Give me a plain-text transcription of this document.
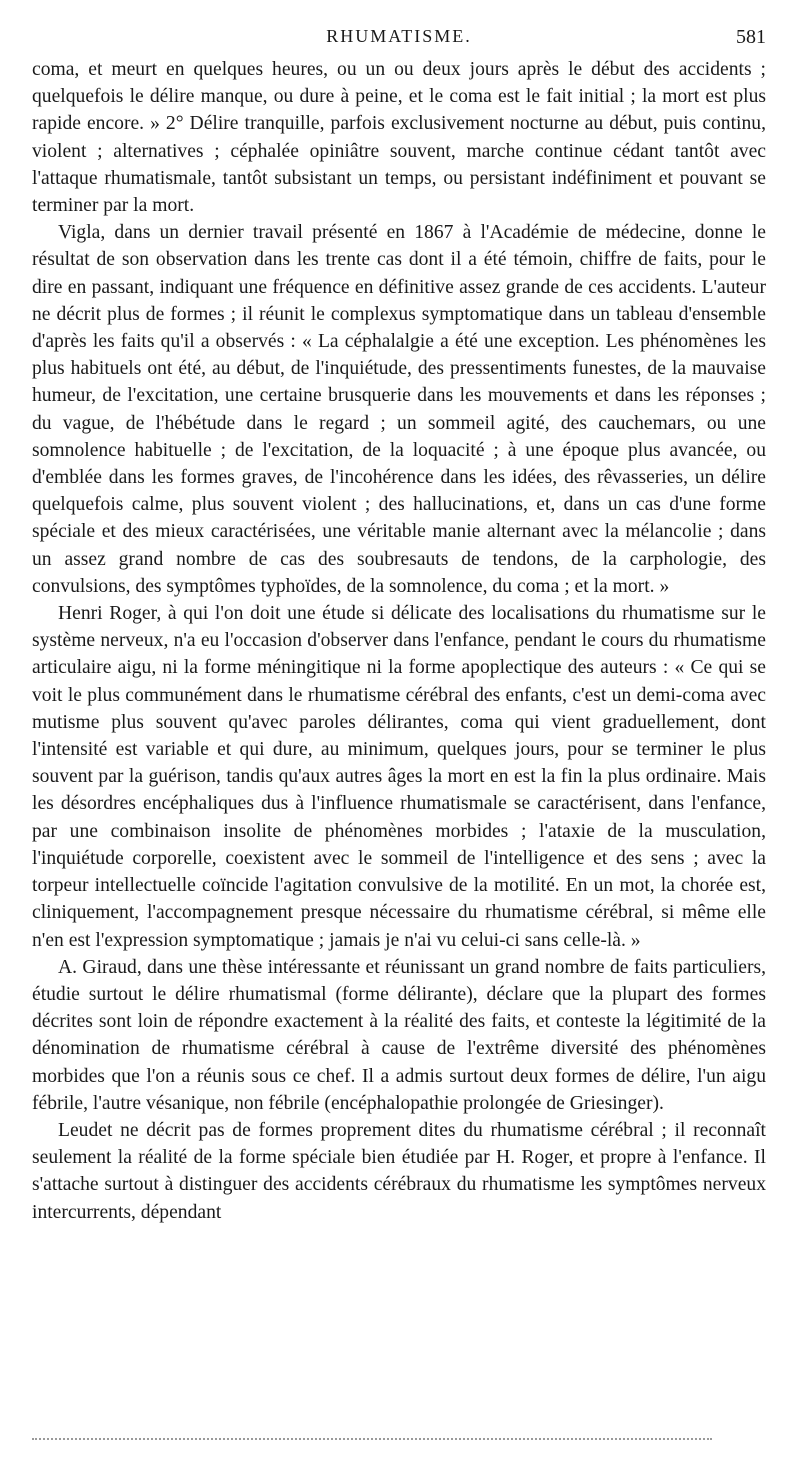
RHUMATISME.	581

coma, et meurt en quelques heures, ou un ou deux jours après le début des accidents ; quelquefois le délire manque, ou dure à peine, et le coma est le fait initial ; la mort est plus rapide encore. » 2° Délire tranquille, parfois exclusivement nocturne au début, puis continu, violent ; alternatives ; céphalée opiniâtre souvent, marche continue cédant tantôt avec l'attaque rhumatismale, tantôt subsistant un temps, ou persistant indéfiniment et pouvant se terminer par la mort.

Vigla, dans un dernier travail présenté en 1867 à l'Académie de médecine, donne le résultat de son observation dans les trente cas dont il a été témoin, chiffre de faits, pour le dire en passant, indiquant une fréquence en définitive assez grande de ces accidents. L'auteur ne décrit plus de formes ; il réunit le complexus symptomatique dans un tableau d'ensemble d'après les faits qu'il a observés : « La céphalalgie a été une exception. Les phénomènes les plus habituels ont été, au début, de l'inquiétude, des pressentiments funestes, de la mauvaise humeur, de l'excitation, une certaine brusquerie dans les mouvements et dans les réponses ; du vague, de l'hébétude dans le regard ; un sommeil agité, des cauchemars, ou une somnolence habituelle ; de l'excitation, de la loquacité ; à une époque plus avancée, ou d'emblée dans les formes graves, de l'incohérence dans les idées, des rêvasseries, un délire quelquefois calme, plus souvent violent ; des hallucinations, et, dans un cas d'une forme spéciale et des mieux caractérisées, une véritable manie alternant avec la mélancolie ; dans un assez grand nombre de cas des soubresauts de tendons, de la carphologie, des convulsions, des symptômes typhoïdes, de la somnolence, du coma ; et la mort. »

Henri Roger, à qui l'on doit une étude si délicate des localisations du rhumatisme sur le système nerveux, n'a eu l'occasion d'observer dans l'enfance, pendant le cours du rhumatisme articulaire aigu, ni la forme méningitique ni la forme apoplectique des auteurs : « Ce qui se voit le plus communément dans le rhumatisme cérébral des enfants, c'est un demi-coma avec mutisme plus souvent qu'avec paroles délirantes, coma qui vient graduellement, dont l'intensité est variable et qui dure, au minimum, quelques jours, pour se terminer le plus souvent par la guérison, tandis qu'aux autres âges la mort en est la fin la plus ordinaire. Mais les désordres encéphaliques dus à l'influence rhumatismale se caractérisent, dans l'enfance, par une combinaison insolite de phénomènes morbides ; l'ataxie de la musculation, l'inquiétude corporelle, coexistent avec le sommeil de l'intelligence et des sens ; avec la torpeur intellectuelle coïncide l'agitation convulsive de la motilité. En un mot, la chorée est, cliniquement, l'accompagnement presque nécessaire du rhumatisme cérébral, si même elle n'en est l'expression symptomatique ; jamais je n'ai vu celui-ci sans celle-là. »

A. Giraud, dans une thèse intéressante et réunissant un grand nombre de faits particuliers, étudie surtout le délire rhumatismal (forme délirante), déclare que la plupart des formes décrites sont loin de répondre exactement à la réalité des faits, et conteste la légitimité de la dénomination de rhumatisme cérébral à cause de l'extrême diversité des phénomènes morbides que l'on a réunis sous ce chef. Il a admis surtout deux formes de délire, l'un aigu fébrile, l'autre vésanique, non fébrile (encéphalopathie prolongée de Griesinger).

Leudet ne décrit pas de formes proprement dites du rhumatisme cérébral ; il reconnaît seulement la réalité de la forme spéciale bien étudiée par H. Roger, et propre à l'enfance. Il s'attache surtout à distinguer des accidents cérébraux du rhumatisme les symptômes nerveux intercurrents, dépendant
